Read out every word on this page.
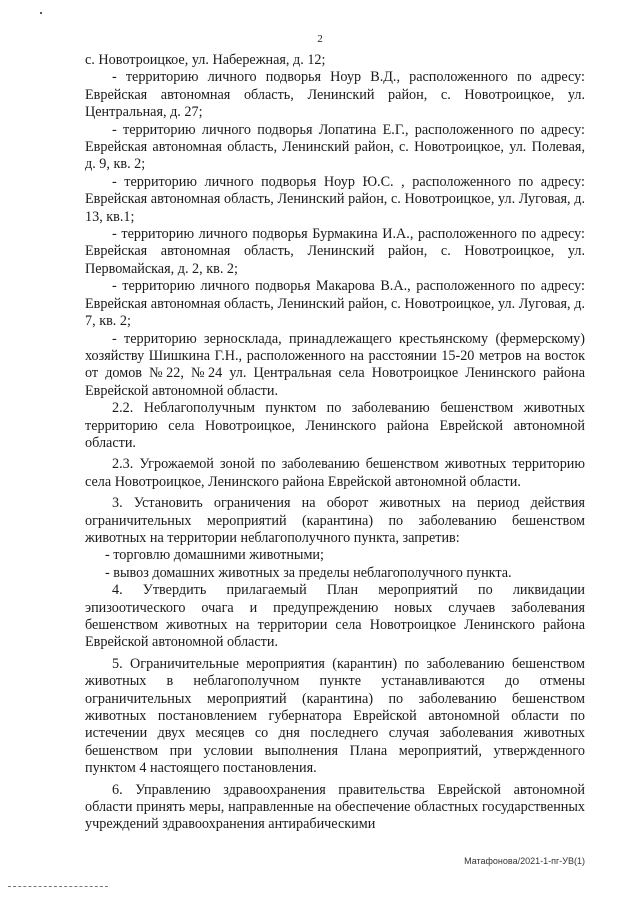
2

с. Новотроицкое, ул. Набережная, д. 12;

- территорию личного подворья Ноур В.Д., расположенного по адресу: Еврейская автономная область, Ленинский район, с. Новотроицкое, ул. Центральная, д. 27;

- территорию личного подворья Лопатина Е.Г., расположенного по адресу: Еврейская автономная область, Ленинский район, с. Новотроицкое, ул. Полевая, д. 9, кв. 2;

- территорию личного подворья Ноур Ю.С. , расположенного по адресу: Еврейская автономная область, Ленинский район, с. Новотроицкое, ул. Луговая, д. 13, кв.1;

- территорию личного подворья Бурмакина И.А., расположенного по адресу: Еврейская автономная область, Ленинский район, с. Новотроицкое, ул. Первомайская, д. 2, кв. 2;

- территорию личного подворья Макарова В.А., расположенного по адресу: Еврейская автономная область, Ленинский район, с. Новотроицкое, ул. Луговая, д. 7, кв. 2;

- территорию зерносклада, принадлежащего крестьянскому (фермерскому) хозяйству Шишкина Г.Н., расположенного на расстоянии 15-20 метров на восток от домов №22, №24 ул. Центральная села Новотроицкое Ленинского района Еврейской автономной области.

2.2. Неблагополучным пунктом по заболеванию бешенством животных территорию села Новотроицкое, Ленинского района Еврейской автономной области.

2.3. Угрожаемой зоной по заболеванию бешенством животных территорию села Новотроицкое, Ленинского района Еврейской автономной области.

3. Установить ограничения на оборот животных на период действия ограничительных мероприятий (карантина) по заболеванию бешенством животных на территории неблагополучного пункта, запретив:

- торговлю домашними животными;

- вывоз домашних животных за пределы неблагополучного пункта.

4. Утвердить прилагаемый План мероприятий по ликвидации эпизоотического очага и предупреждению новых случаев заболевания бешенством животных на территории села Новотроицкое Ленинского района Еврейской автономной области.

5. Ограничительные мероприятия (карантин) по заболеванию бешенством животных в неблагополучном пункте устанавливаются до отмены ограничительных мероприятий (карантина) по заболеванию бешенством животных постановлением губернатора Еврейской автономной области по истечении двух месяцев со дня последнего случая заболевания животных бешенством при условии выполнения Плана мероприятий, утвержденного пунктом 4 настоящего постановления.

6. Управлению здравоохранения правительства Еврейской автономной области принять меры, направленные на обеспечение областных государственных учреждений здравоохранения антирабическими

Матафонова/2021-1-пг-УВ(1)
